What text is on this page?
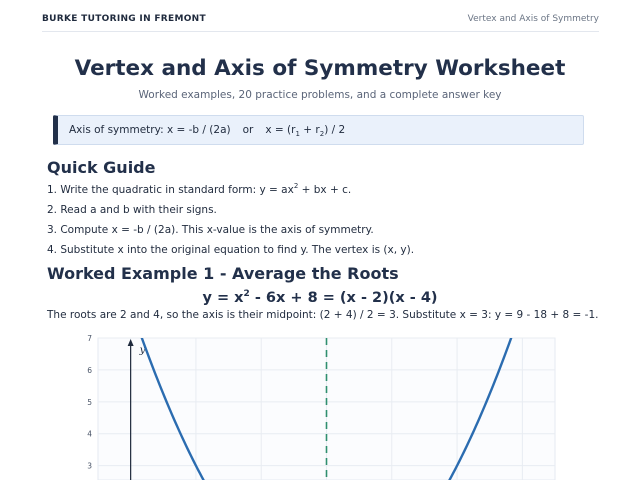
BURKE TUTORING IN FREMONT	Vertex and Axis of Symmetry
Vertex and Axis of Symmetry Worksheet
Worked examples, 20 practice problems, and a complete answer key
Axis of symmetry: x = -b / (2a) or $x = (r_1 + r_2) / 2$
Quick Guide
1. Write the quadratic in standard form: $y = ax^2$ + bx + c.
2. Read a and b with their signs.
3. Compute x = -b / (2a). This x-value is the axis of symmetry.
4. Substitute x into the original equation to find y. The vertex is (x, y).
Worked Example 1 - Average the Roots
$y = x^2 - 6x + 8 = (x - 2)(x - 4)$
The roots are 2 and 4, so the axis is their midpoint: (2 + 4) / 2 = 3. Substitute x = 3: y = 9 - 18 + 8 = -1.
7
6
5
4
3
y
